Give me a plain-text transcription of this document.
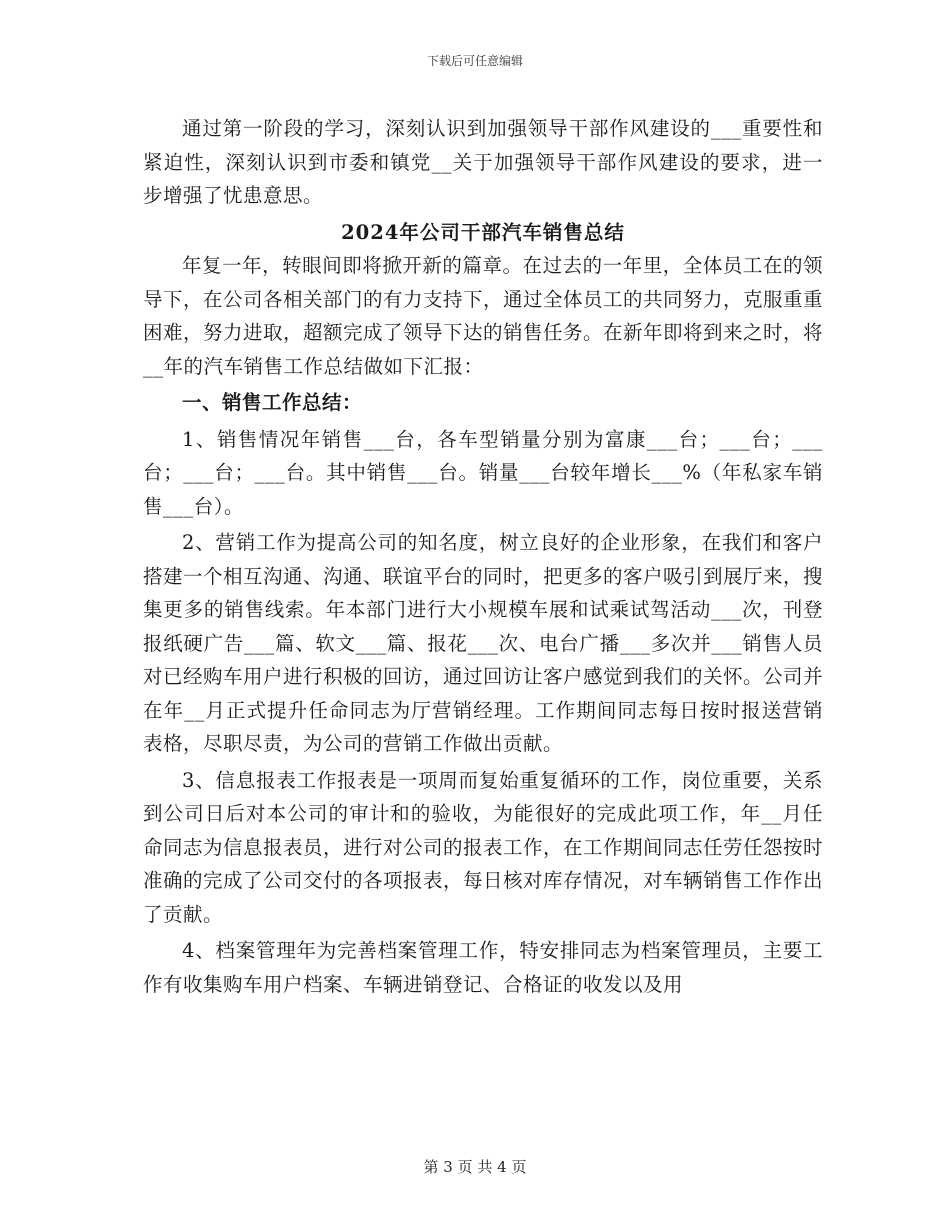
下载后可任意编辑

通过第一阶段的学习，深刻认识到加强领导干部作风建设的___重要性和紧迫性，深刻认识到市委和镇党__关于加强领导干部作风建设的要求，进一步增强了忧患意思。

2024年公司干部汽车销售总结

年复一年，转眼间即将掀开新的篇章。在过去的一年里，全体员工在的领导下，在公司各相关部门的有力支持下，通过全体员工的共同努力，克服重重困难，努力进取，超额完成了领导下达的销售任务。在新年即将到来之时，将__年的汽车销售工作总结做如下汇报：

一、销售工作总结：

1、销售情况年销售___台，各车型销量分别为富康___台；___台；___台；___台；___台。其中销售___台。销量___台较年增长___%（年私家车销售___台）。

2、营销工作为提高公司的知名度，树立良好的企业形象，在我们和客户搭建一个相互沟通、沟通、联谊平台的同时，把更多的客户吸引到展厅来，搜集更多的销售线索。年本部门进行大小规模车展和试乘试驾活动___次，刊登报纸硬广告___篇、软文___篇、报花___次、电台广播___多次并___销售人员对已经购车用户进行积极的回访，通过回访让客户感觉到我们的关怀。公司并在年__月正式提升任命同志为厅营销经理。工作期间同志每日按时报送营销表格，尽职尽责，为公司的营销工作做出贡献。

3、信息报表工作报表是一项周而复始重复循环的工作，岗位重要，关系到公司日后对本公司的审计和的验收，为能很好的完成此项工作，年__月任命同志为信息报表员，进行对公司的报表工作，在工作期间同志任劳任怨按时准确的完成了公司交付的各项报表，每日核对库存情况，对车辆销售工作作出了贡献。

4、档案管理年为完善档案管理工作，特安排同志为档案管理员，主要工作有收集购车用户档案、车辆进销登记、合格证的收发以及用

第 3 页 共 4 页
